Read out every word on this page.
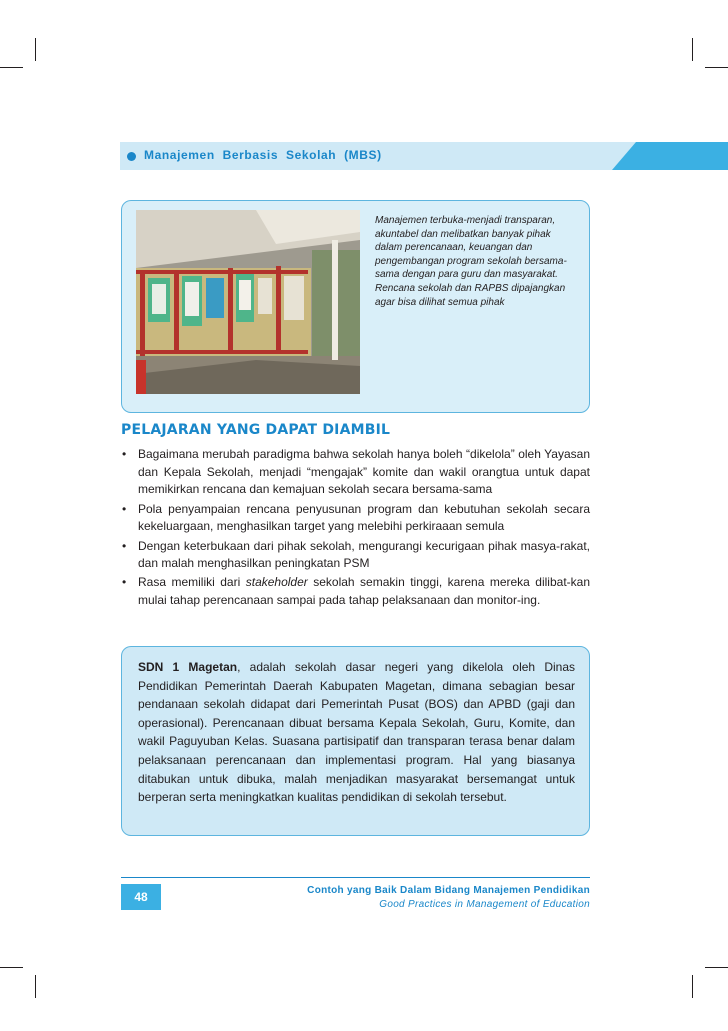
Manajemen  Berbasis  Sekolah  (MBS)
Manajemen terbuka-menjadi transparan, akuntabel dan melibatkan banyak pihak dalam perencanaan, keuangan dan pengembangan program sekolah bersama-sama dengan para guru dan masyarakat. Rencana sekolah dan RAPBS dipajangkan agar bisa dilihat semua pihak
PELAJARAN YANG DAPAT DIAMBIL
• Bagaimana merubah paradigma bahwa sekolah hanya boleh “dikelola” oleh Yayasan dan Kepala Sekolah, menjadi “mengajak” komite dan wakil orangtua untuk dapat memikirkan rencana dan kemajuan sekolah secara bersama-sama
• Pola penyampaian rencana penyusunan program dan kebutuhan sekolah secara kekeluargaan, menghasilkan target yang melebihi perkiraaan semula
• Dengan keterbukaan dari pihak sekolah, mengurangi kecurigaan pihak masya-rakat, dan malah menghasilkan peningkatan PSM
• Rasa memiliki dari stakeholder sekolah semakin tinggi, karena mereka dilibat-kan mulai tahap perencanaan sampai pada tahap pelaksanaan dan monitor-ing.
SDN 1 Magetan, adalah sekolah dasar negeri yang dikelola oleh Dinas Pendidikan Pemerintah Daerah Kabupaten Magetan, dimana sebagian besar pendanaan sekolah didapat dari Pemerintah Pusat (BOS) dan APBD (gaji dan operasional). Perencanaan dibuat bersama Kepala Sekolah, Guru, Komite, dan wakil Paguyuban Kelas. Suasana partisipatif dan transparan terasa benar dalam pelaksanaan perencanaan dan implementasi program. Hal yang biasanya ditabukan untuk dibuka, malah menjadikan masyarakat bersemangat untuk berperan serta meningkatkan kualitas pendidikan di sekolah tersebut.
48	Contoh yang Baik Dalam Bidang Manajemen Pendidikan
Good Practices in Management of Education
